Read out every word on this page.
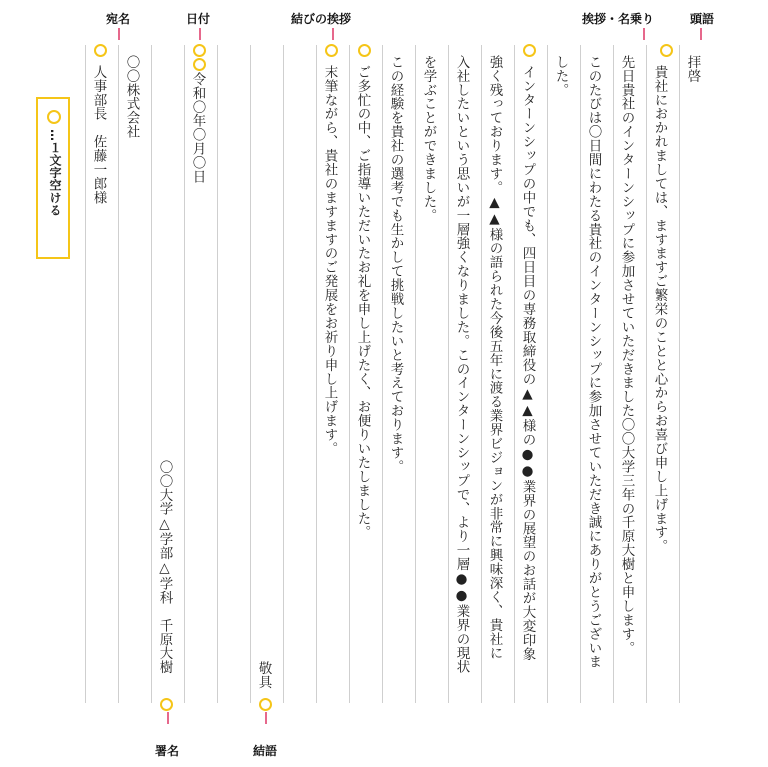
宛名	日付	結びの挨拶	挨拶・名乗り	頭語
署名	結語
…１文字空ける
拝啓
貴社におかれましては、ますますご繁栄のことと心からお喜び申し上げます。
先日貴社のインターンシップに参加させていただきました〇〇大学三年の千原大樹と申します。
このたびは〇日間にわたる貴社のインターンシップに参加させていただき誠にありがとうございま
した。
インターンシップの中でも、四日目の専務取締役の▲▲様の●●業界の展望のお話が大変印象
強く残っております。▲▲様の語られた今後五年に渡る業界ビジョンが非常に興味深く、貴社に
入社したいという思いが一層強くなりました。このインターンシップで、より一層●●業界の現状
を学ぶことができました。
この経験を貴社の選考でも生かして挑戦したいと考えております。
ご多忙の中、ご指導いただいたお礼を申し上げたく、お便りいたしました。
末筆ながら、貴社のますますのご発展をお祈り申し上げます。
敬具
〇〇大学△学部△学科　千原大樹
令和〇年〇月〇日
〇〇株式会社
人事部長　佐藤一郎様
